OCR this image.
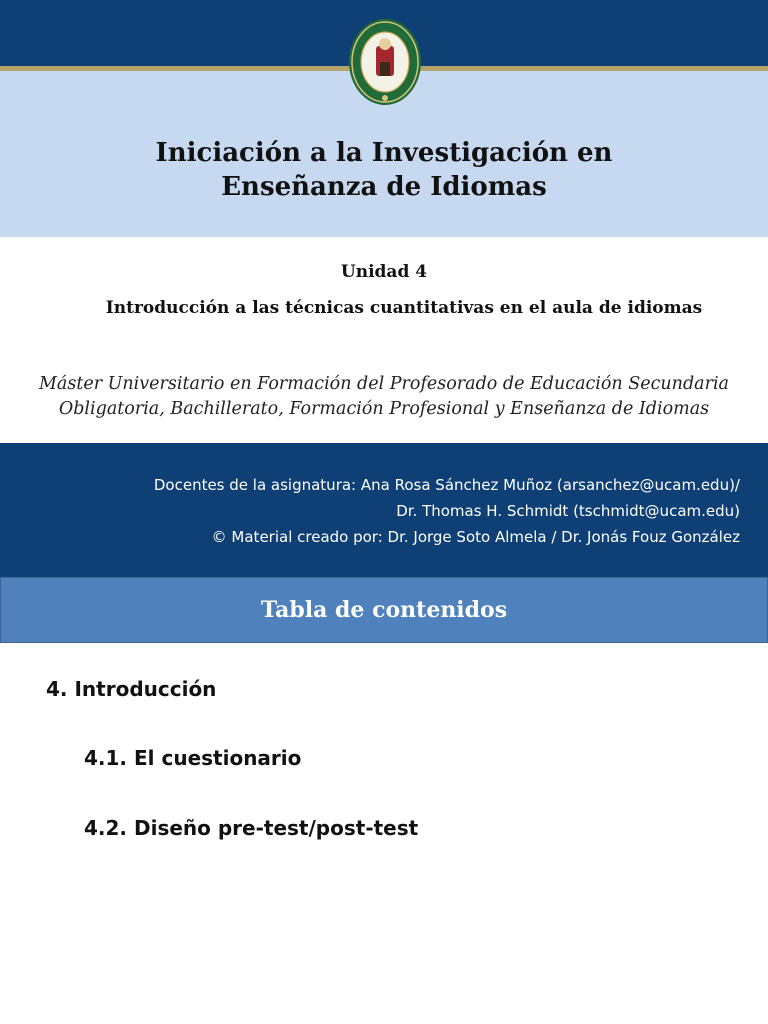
Iniciación a la Investigación en
Enseñanza de Idiomas
Unidad 4
Introducción a las técnicas cuantitativas en el aula de idiomas
Máster Universitario en Formación del Profesorado de Educación Secundaria
Obligatoria, Bachillerato, Formación Profesional y Enseñanza de Idiomas
Docentes de la asignatura: Ana Rosa Sánchez Muñoz (arsanchez@ucam.edu)/
Dr. Thomas H. Schmidt (tschmidt@ucam.edu)
© Material creado por: Dr. Jorge Soto Almela / Dr. Jonás Fouz González
Tabla de contenidos
4. Introducción
4.1. El cuestionario
4.2. Diseño pre-test/post-test
